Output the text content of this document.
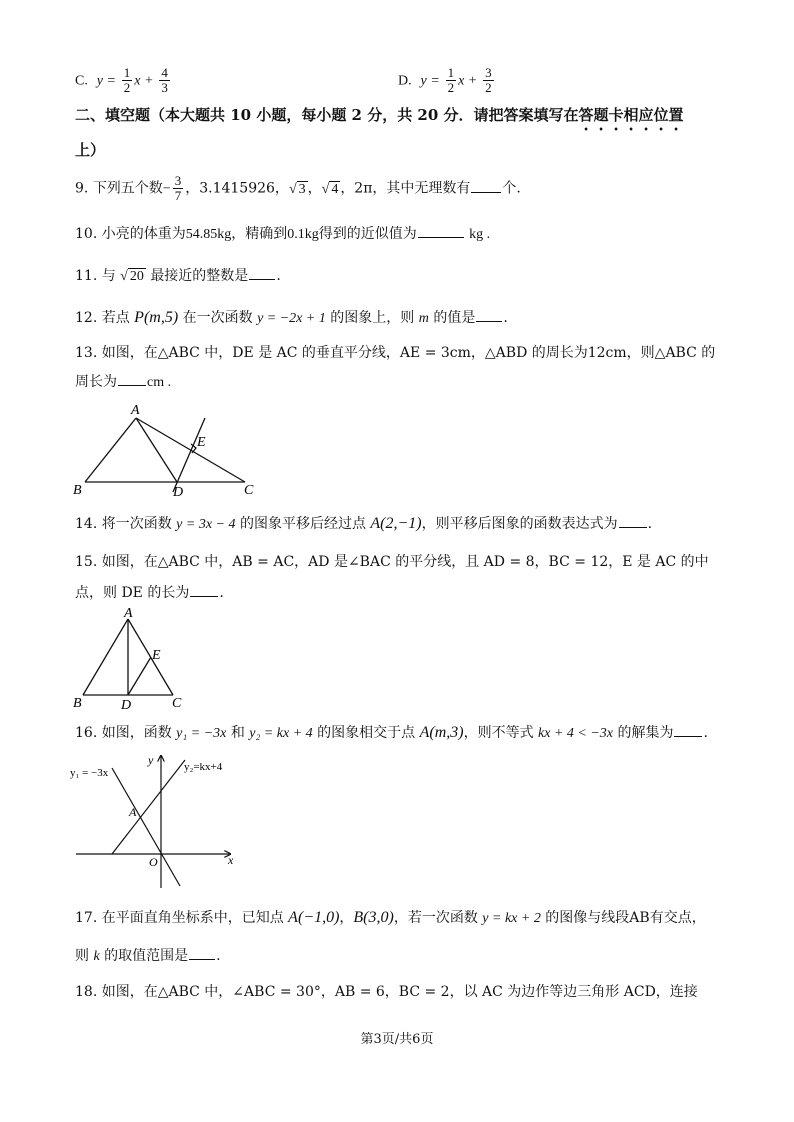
C. $y = \frac{1}{2}$ $x + \frac{4}{3}$	D. $y = \frac{1}{2}$ $x + \frac{3}{2}$
二、填空题（本大题共 10 小题，每小题 2 分，共 20 分．请把答案填写在答题卡相应位置
上）
9. 下列五个数− $\frac{3}{7}$ ，3.1415926，√ 3 ，√ 4 ，2π，其中无理数有 个.
10. 小亮的体重为54.85kg，精确到0.1kg得到的近似值为	kg .
11. 与 √ 20 最接近的整数是 .
12. 若点 P(m,5) 在一次函数 y = −2x + 1 的图象上，则 m 的值是 .
13. 如图，在△ABC 中，DE 是 AC 的垂直平分线，AE = 3cm，△ABD 的周长为12cm，则△ABC 的
周长为 cm .
A
B	C
D
E
14. 将一次函数 y = 3x − 4 的图象平移后经过点 A(2,−1)，则平移后图象的函数表达式为 .
15. 如图，在△ABC 中，AB = AC，AD 是∠BAC 的平分线，且 AD = 8，BC = 12，E 是 AC 的中
点，则 DE 的长为 .
A
B	C
D
E
16. 如图，函数 y₁ = −3x 和 y₂ = kx + 4 的图象相交于点 A(m,3)，则不等式 kx + 4 < −3x 的解集为 .
y₁ = −3x	y₂=kx+4
A
O	x
y
17. 在平面直角坐标系中，已知点 A(−1,0)，B(3,0)，若一次函数 y = kx + 2 的图像与线段AB有交点，
则 k 的取值范围是 .
18. 如图，在△ABC 中，∠ABC = 30°，AB = 6，BC = 2，以 AC 为边作等边三角形 ACD，连接
第3页/共6页
